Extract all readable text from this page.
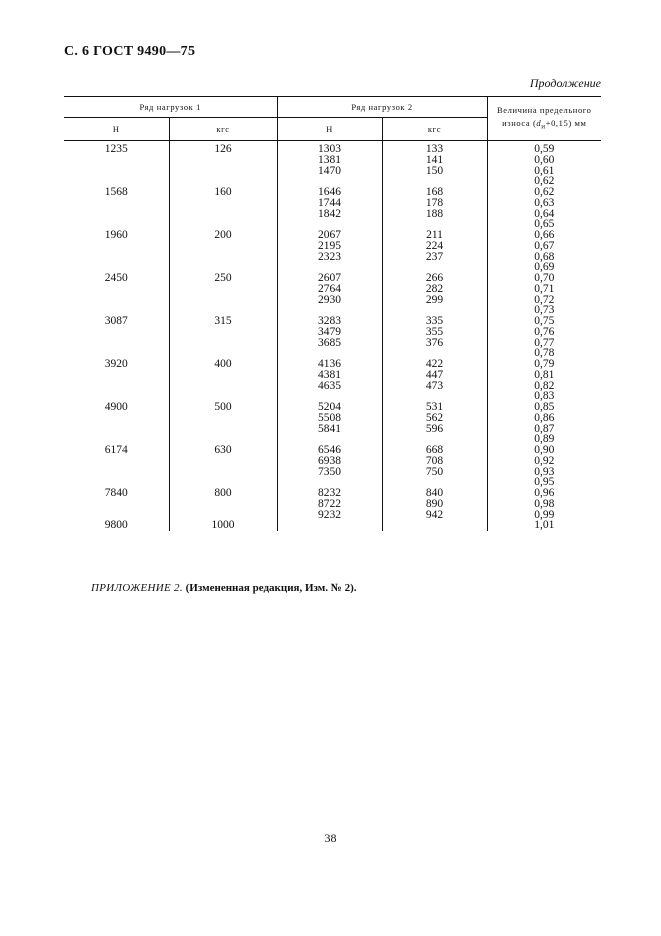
С. 6 ГОСТ 9490—75
Продолжение
Ряд нагрузок 1		Ряд нагрузок 2		Величина предельного
износа $(d_и+0,15)$ мм
Н	кгс	Н	кгс	
1235	126	1303	133	0,59
		1381	141	0,60
		1470	150	0,61
				0,62
1568	160	1646	168	0,62
		1744	178	0,63
		1842	188	0,64
				0,65
1960	200	2067	211	0,66
		2195	224	0,67
		2323	237	0,68
				0,69
2450	250	2607	266	0,70
		2764	282	0,71
		2930	299	0,72
				0,73
3087	315	3283	335	0,75
		3479	355	0,76
		3685	376	0,77
				0,78
3920	400	4136	422	0,79
		4381	447	0,81
		4635	473	0,82
				0,83
4900	500	5204	531	0,85
		5508	562	0,86
		5841	596	0,87
				0,89
6174	630	6546	668	0,90
		6938	708	0,92
		7350	750	0,93
				0,95
7840	800	8232	840	0,96
		8722	890	0,98
		9232	942	0,99
9800	1000			1,01
ПРИЛОЖЕНИЕ 2. (Измененная редакция, Изм. № 2).
38
